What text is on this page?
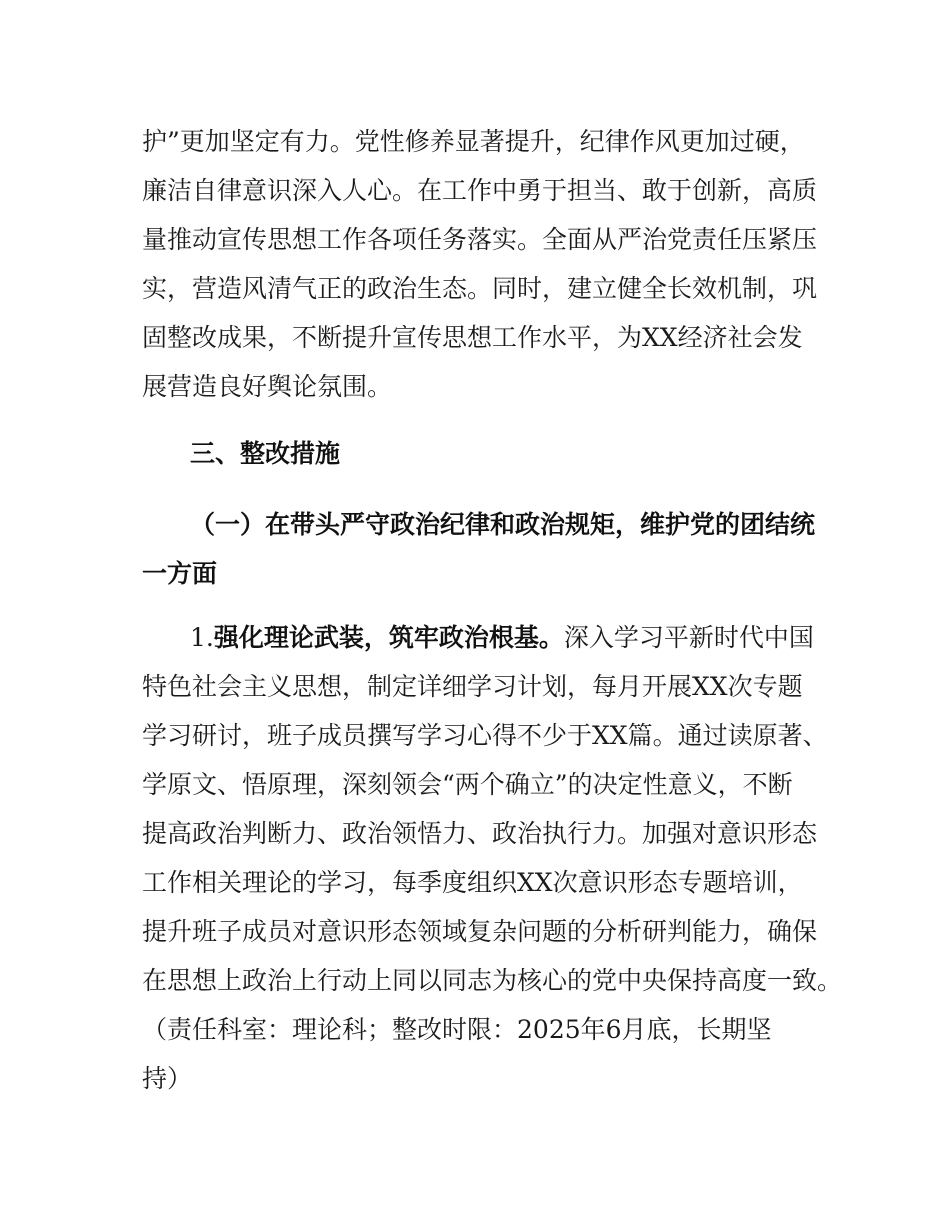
护”更加坚定有力。党性修养显著提升，纪律作风更加过硬，
廉洁自律意识深入人心。在工作中勇于担当、敢于创新，高质
量推动宣传思想工作各项任务落实。全面从严治党责任压紧压
实，营造风清气正的政治生态。同时，建立健全长效机制，巩
固整改成果，不断提升宣传思想工作水平，为XX经济社会发
展营造良好舆论氛围。
三、整改措施
（一）在带头严守政治纪律和政治规矩，维护党的团结统
一方面
1.强化理论武装，筑牢政治根基。深入学习平新时代中国
特色社会主义思想，制定详细学习计划，每月开展XX次专题
学习研讨，班子成员撰写学习心得不少于XX篇。通过读原著、
学原文、悟原理，深刻领会“两个确立”的决定性意义，不断
提高政治判断力、政治领悟力、政治执行力。加强对意识形态
工作相关理论的学习，每季度组织XX次意识形态专题培训，
提升班子成员对意识形态领域复杂问题的分析研判能力，确保
在思想上政治上行动上同以同志为核心的党中央保持高度一致。
（责任科室：理论科；整改时限：2025年6月底，长期坚
持）
